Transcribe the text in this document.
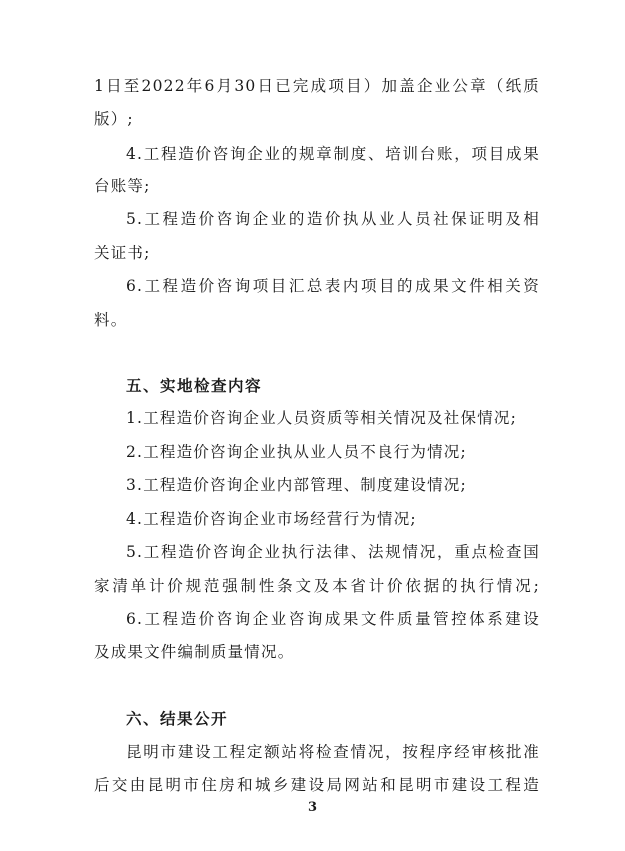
1日至2022年6月30日已完成项目）加盖企业公章（纸质
版）;
4.工程造价咨询企业的规章制度、培训台账，项目成果
台账等;
5.工程造价咨询企业的造价执从业人员社保证明及相
关证书;
6.工程造价咨询项目汇总表内项目的成果文件相关资
料。
五、实地检查内容
1.工程造价咨询企业人员资质等相关情况及社保情况;
2.工程造价咨询企业执从业人员不良行为情况;
3.工程造价咨询企业内部管理、制度建设情况;
4.工程造价咨询企业市场经营行为情况;
5.工程造价咨询企业执行法律、法规情况，重点检查国
家清单计价规范强制性条文及本省计价依据的执行情况;
6.工程造价咨询企业咨询成果文件质量管控体系建设
及成果文件编制质量情况。
六、结果公开
昆明市建设工程定额站将检查情况，按程序经审核批准
后交由昆明市住房和城乡建设局网站和昆明市建设工程造
3
